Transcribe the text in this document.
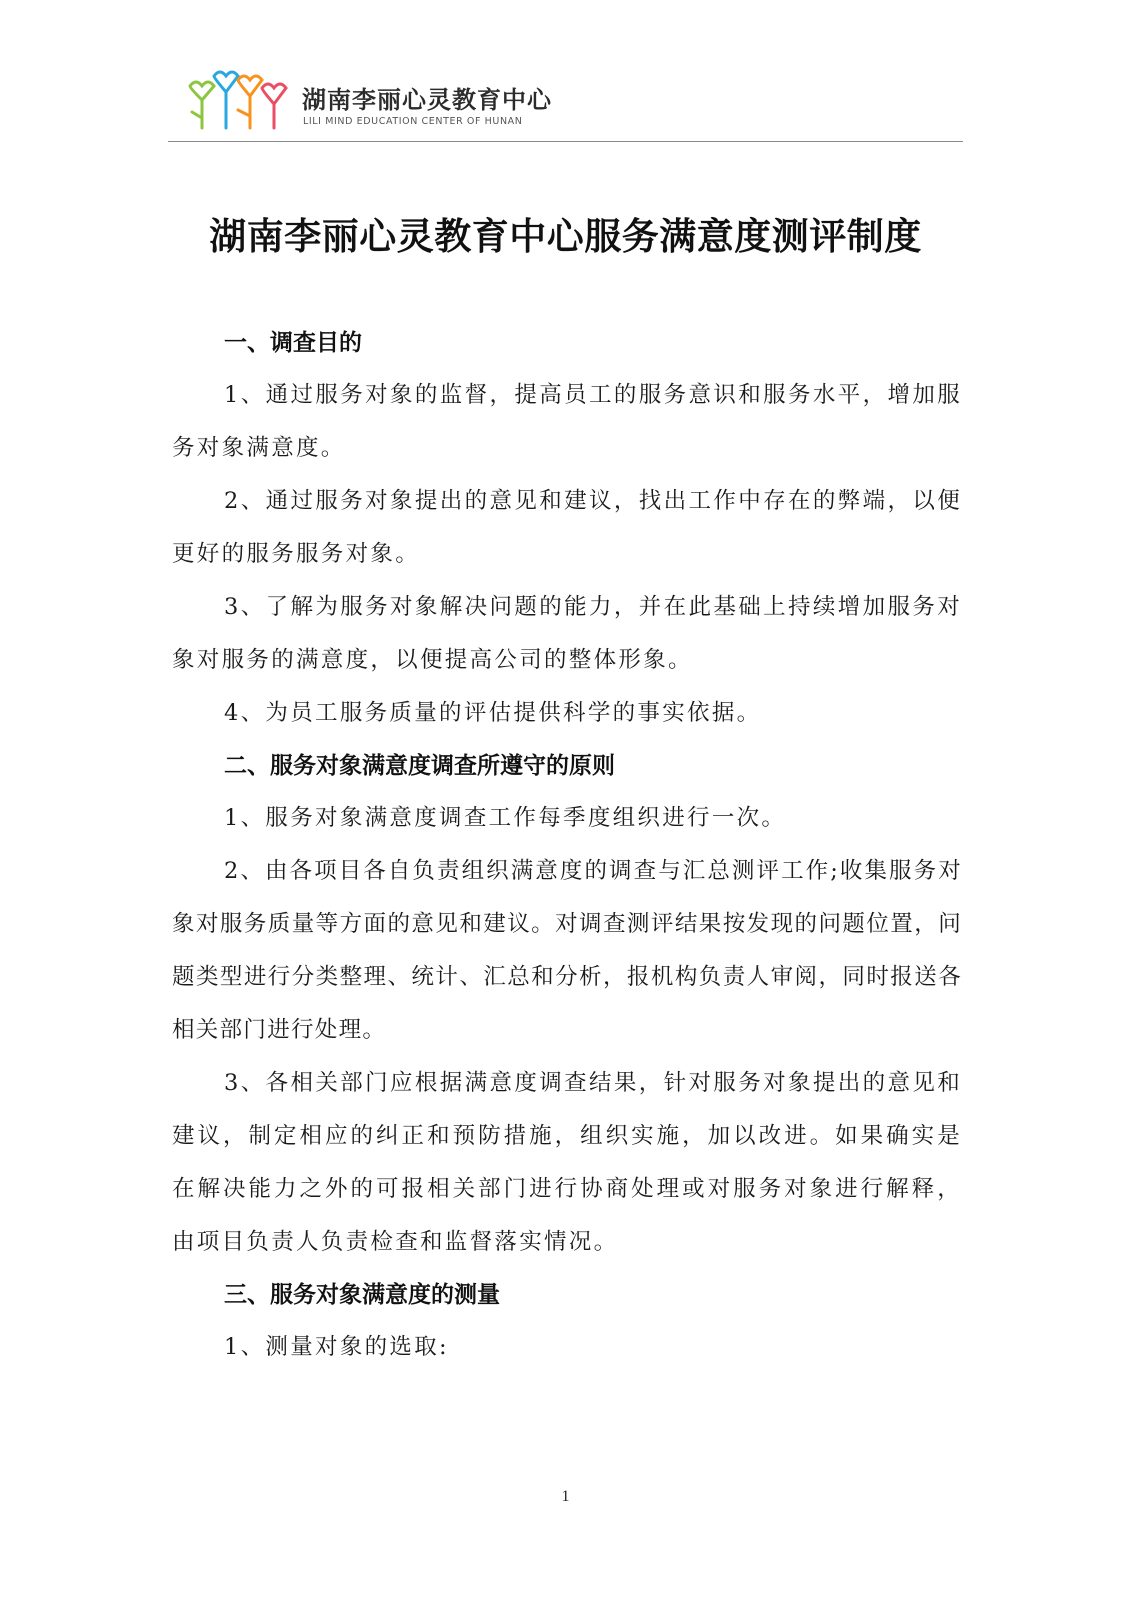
湖南李丽心灵教育中心
LILI MIND EDUCATION CENTER OF HUNAN
湖南李丽心灵教育中心服务满意度测评制度
一、调查目的

1、通过服务对象的监督，提高员工的服务意识和服务水平，增加服务对象满意度。

2、通过服务对象提出的意见和建议，找出工作中存在的弊端，以便更好的服务服务对象。

3、了解为服务对象解决问题的能力，并在此基础上持续增加服务对象对服务的满意度，以便提高公司的整体形象。

4、为员工服务质量的评估提供科学的事实依据。

二、服务对象满意度调查所遵守的原则

1、服务对象满意度调查工作每季度组织进行一次。

2、由各项目各自负责组织满意度的调查与汇总测评工作;收集服务对象对服务质量等方面的意见和建议。对调查测评结果按发现的问题位置，问题类型进行分类整理、统计、汇总和分析，报机构负责人审阅，同时报送各相关部门进行处理。

3、各相关部门应根据满意度调查结果，针对服务对象提出的意见和建议，制定相应的纠正和预防措施，组织实施，加以改进。如果确实是在解决能力之外的可报相关部门进行协商处理或对服务对象进行解释，由项目负责人负责检查和监督落实情况。

三、服务对象满意度的测量

1、测量对象的选取:

1
